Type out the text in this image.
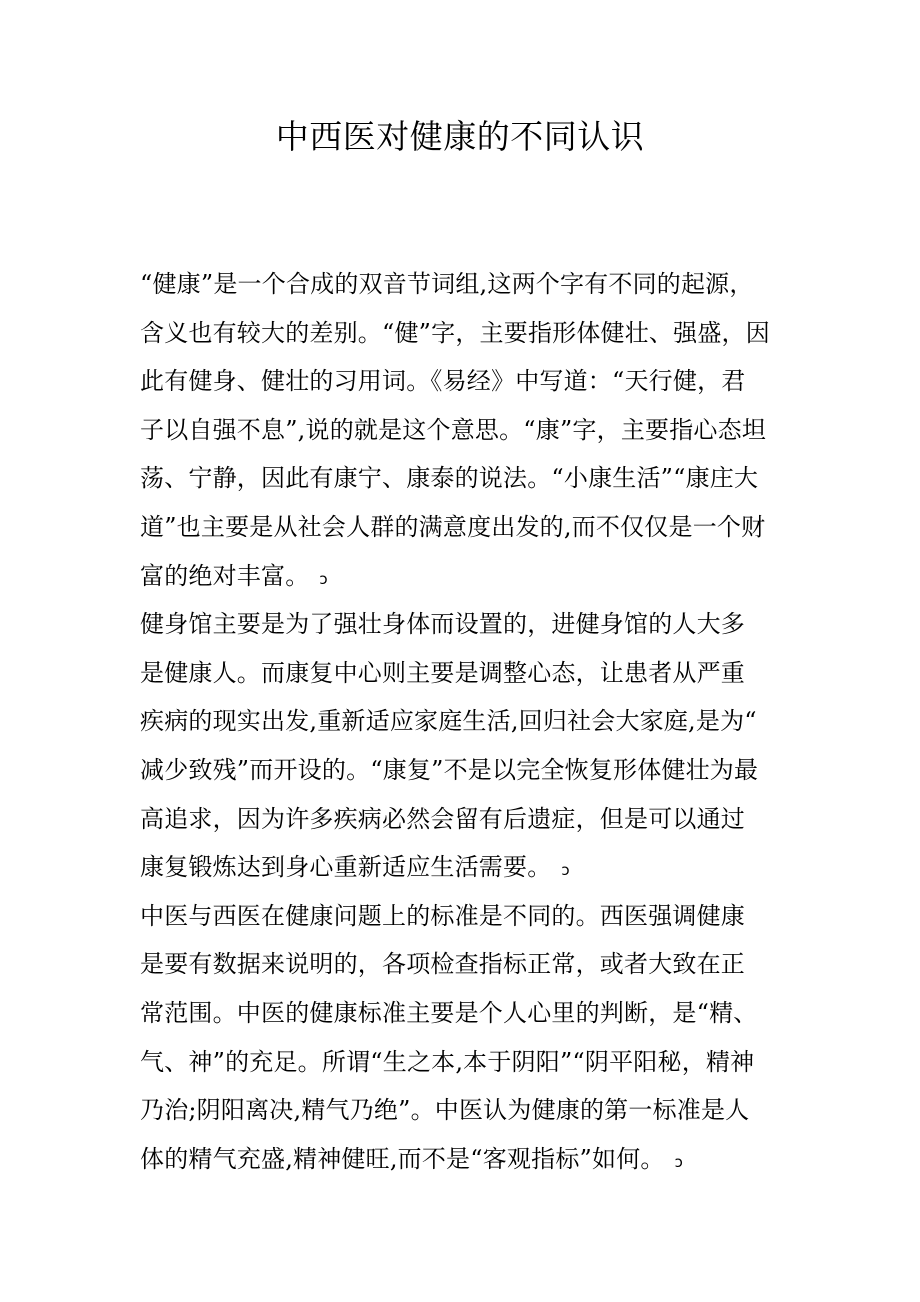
中西医对健康的不同认识
“健康”是一个合成的双音节词组,这两个字有不同的起源，
含义也有较大的差别。“健”字，主要指形体健壮、强盛，因
此有健身、健壮的习用词。《易经》中写道：“天行健，君
子以自强不息”,说的就是这个意思。“康”字，主要指心态坦
荡、宁静，因此有康宁、康泰的说法。“小康生活”“康庄大
道”也主要是从社会人群的满意度出发的,而不仅仅是一个财
富的绝对丰富。 ↄ
健身馆主要是为了强壮身体而设置的，进健身馆的人大多
是健康人。而康复中心则主要是调整心态，让患者从严重
疾病的现实出发,重新适应家庭生活,回归社会大家庭,是为“
减少致残”而开设的。“康复”不是以完全恢复形体健壮为最
高追求，因为许多疾病必然会留有后遗症，但是可以通过
康复锻炼达到身心重新适应生活需要。 ↄ
中医与西医在健康问题上的标准是不同的。西医强调健康
是要有数据来说明的，各项检查指标正常，或者大致在正
常范围。中医的健康标准主要是个人心里的判断，是“精、
气、神”的充足。所谓“生之本,本于阴阳”“阴平阳秘，精神
乃治;阴阳离决,精气乃绝”。中医认为健康的第一标准是人
体的精气充盛,精神健旺,而不是“客观指标”如何。 ↄ
